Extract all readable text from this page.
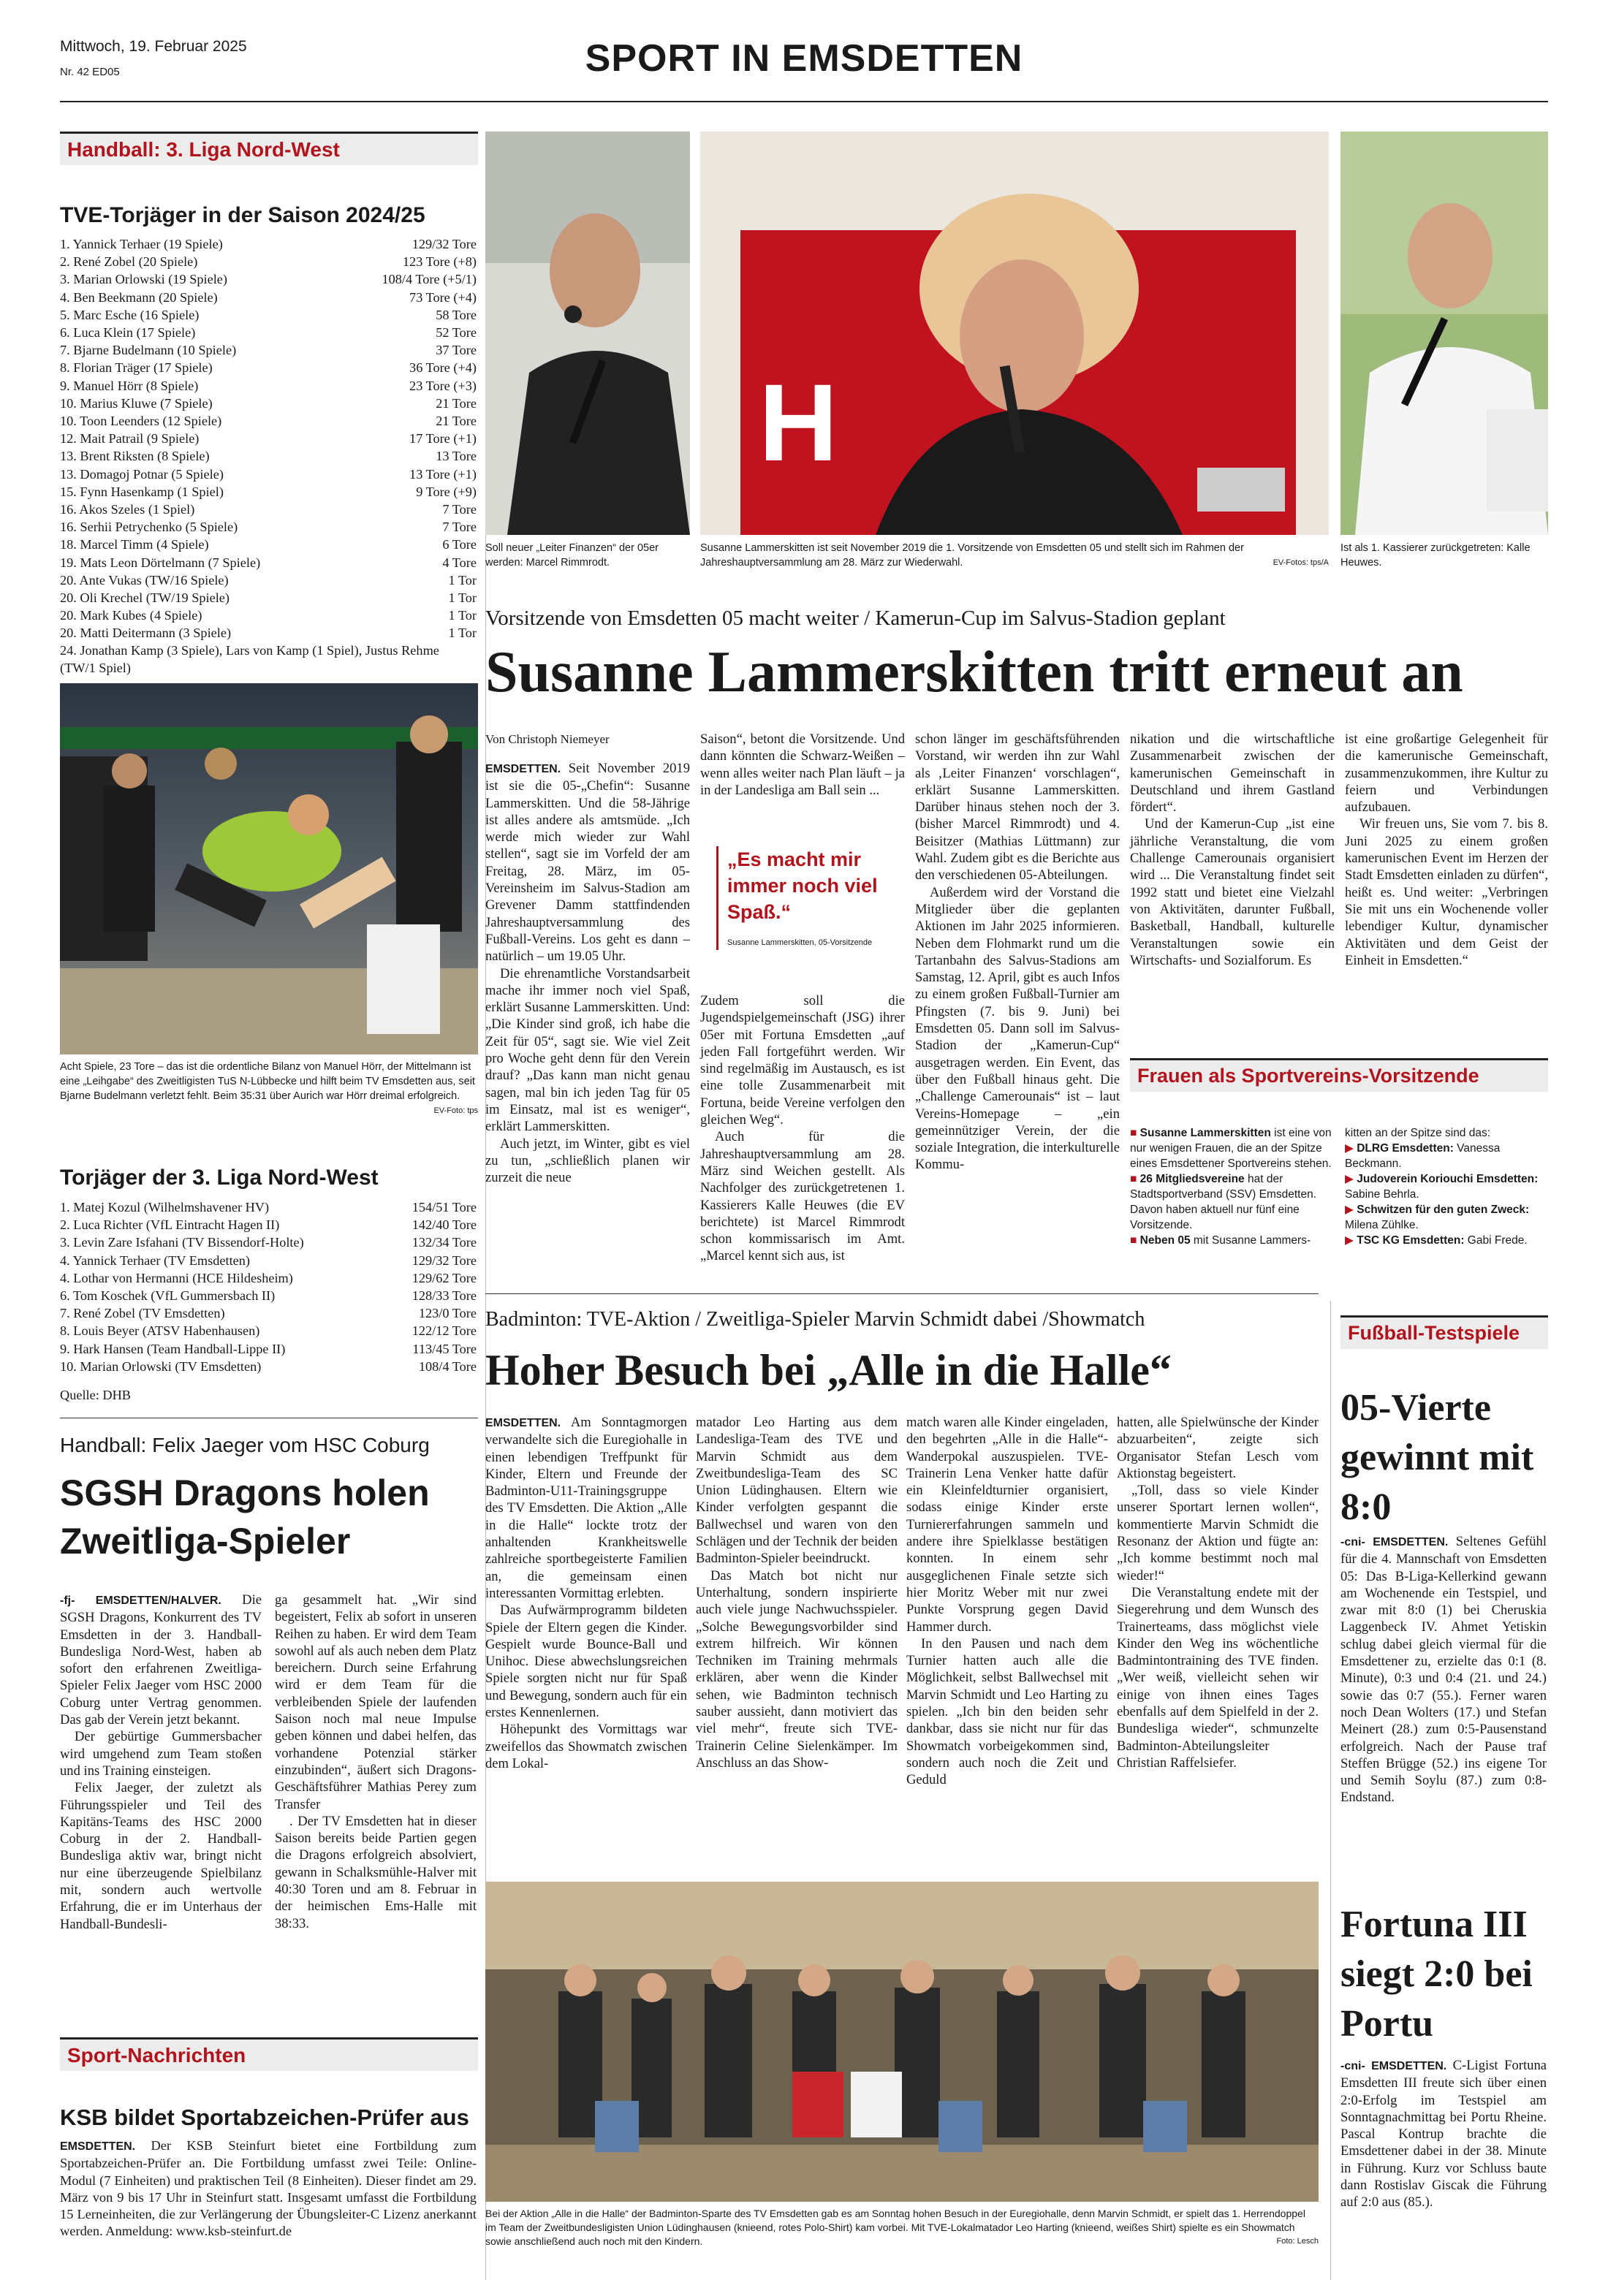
Mittwoch, 19. Februar 2025
Nr. 42 ED05	SPORT IN EMSDETTEN
Handball: 3. Liga Nord-West
TVE-Torjäger in der Saison 2024/25
1. Yannick Terhaer (19 Spiele)	129/32 Tore
2. René Zobel (20 Spiele)	123 Tore (+8)
3. Marian Orlowski (19 Spiele)	108/4 Tore (+5/1)
4. Ben Beekmann (20 Spiele)	73 Tore (+4)
5. Marc Esche (16 Spiele)	58 Tore
6. Luca Klein (17 Spiele)	52 Tore
7. Bjarne Budelmann (10 Spiele)	37 Tore
8. Florian Träger (17 Spiele)	36 Tore (+4)
9. Manuel Hörr (8 Spiele)	23 Tore (+3)
10. Marius Kluwe (7 Spiele)	21 Tore
10. Toon Leenders (12 Spiele)	21 Tore
12. Mait Patrail (9 Spiele)	17 Tore (+1)
13. Brent Riksten (8 Spiele)	13 Tore
13. Domagoj Potnar (5 Spiele)	13 Tore (+1)
15. Fynn Hasenkamp (1 Spiel)	9 Tore (+9)
16. Akos Szeles (1 Spiel)	7 Tore
16. Serhii Petrychenko (5 Spiele)	7 Tore
18. Marcel Timm (4 Spiele)	6 Tore
19. Mats Leon Dörtelmann (7 Spiele)	4 Tore
20. Ante Vukas (TW/16 Spiele)	1 Tor
20. Oli Krechel (TW/19 Spiele)	1 Tor
20. Mark Kubes (4 Spiele)	1 Tor
20. Matti Deitermann (3 Spiele)	1 Tor
24. Jonathan Kamp (3 Spiele), Lars von Kamp (1 Spiel), Justus Rehme (TW/1 Spiel)
Acht Spiele, 23 Tore – das ist die ordentliche Bilanz von Manuel Hörr, der Mittelmann ist eine „Leihgabe“ des Zweitligisten TuS N-Lübbecke und hilft beim TV Emsdetten aus, seit Bjarne Budelmann verletzt fehlt. Beim 35:31 über Aurich war Hörr dreimal erfolgreich.
EV-Foto: tps
Torjäger der 3. Liga Nord-West
1. Matej Kozul (Wilhelmshavener HV)	154/51 Tore
2. Luca Richter (VfL Eintracht Hagen II)	142/40 Tore
3. Levin Zare Isfahani (TV Bissendorf-Holte)	132/34 Tore
4. Yannick Terhaer (TV Emsdetten)	129/32 Tore
4. Lothar von Hermanni (HCE Hildesheim)	129/62 Tore
6. Tom Koschek (VfL Gummersbach II)	128/33 Tore
7. René Zobel (TV Emsdetten)	123/0 Tore
8. Louis Beyer (ATSV Habenhausen)	122/12 Tore
9. Hark Hansen (Team Handball-Lippe II)	113/45 Tore
10. Marian Orlowski (TV Emsdetten)	108/4 Tore
Quelle: DHB
Handball: Felix Jaeger vom HSC Coburg
SGSH Dragons holen
Zweitliga-Spieler

-fj- EMSDETTEN/HALVER. Die SGSH Dragons, Konkurrent des TV Emsdetten in der 3. Handball-Bundesliga Nord-West, haben ab sofort den erfahrenen Zweitliga-Spieler Felix Jaeger vom HSC 2000 Coburg unter Vertrag genommen. Das gab der Verein jetzt bekannt.

Der gebürtige Gummersbacher wird umgehend zum Team stoßen und ins Training einsteigen.

Felix Jaeger, der zuletzt als Führungsspieler und Teil des Kapitäns-Teams des HSC 2000 Coburg in der 2. Handball-Bundesliga aktiv war, bringt nicht nur eine überzeugende Spielbilanz mit, sondern auch wertvolle Erfahrung, die er im Unterhaus der Handball-Bundesli-

ga gesammelt hat. „Wir sind begeistert, Felix ab sofort in unseren Reihen zu haben. Er wird dem Team sowohl auf als auch neben dem Platz bereichern. Durch seine Erfahrung wird er dem Team für die verbleibenden Spiele der laufenden Saison noch mal neue Impulse geben können und dabei helfen, das vorhandene Potenzial stärker einzubinden“, äußert sich Dragons-Geschäftsführer Mathias Perey zum Transfer

. Der TV Emsdetten hat in dieser Saison bereits beide Partien gegen die Dragons erfolgreich absolviert, gewann in Schalksmühle-Halver mit 40:30 Toren und am 8. Februar in der heimischen Ems-Halle mit 38:33.

Sport-Nachrichten
KSB bildet Sportabzeichen-Prüfer aus
EMSDETTEN. Der KSB Steinfurt bietet eine Fortbildung zum Sportabzeichen-Prüfer an. Die Fortbildung umfasst zwei Teile: Online-Modul (7 Einheiten) und praktischen Teil (8 Einheiten). Dieser findet am 29. März von 9 bis 17 Uhr in Steinfurt statt. Insgesamt umfasst die Fortbildung 15 Lerneinheiten, die zur Verlängerung der Übungsleiter-C Lizenz anerkannt werden. Anmeldung: www.ksb-steinfurt.de
H
Soll neuer „Leiter Finanzen“ der 05er werden: Marcel Rimmrodt.
Susanne Lammerskitten ist seit November 2019 die 1. Vorsitzende von Emsdetten 05 und stellt sich im Rahmen der Jahreshauptversammlung am 28. März zur Wiederwahl.	EV-Fotos: tps/A
Ist als 1. Kassierer zurückgetreten: Kalle Heuwes.
Vorsitzende von Emsdetten 05 macht weiter / Kamerun-Cup im Salvus-Stadion geplant
Susanne Lammerskitten tritt erneut an
Von Christoph Niemeyer

EMSDETTEN. Seit November 2019 ist sie die 05-„Chefin“: Susanne Lammerskitten. Und die 58-Jährige ist alles andere als amtsmüde. „Ich werde mich wieder zur Wahl stellen“, sagt sie im Vorfeld der am Freitag, 28. März, im 05-Vereinsheim im Salvus-Stadion am Grevener Damm stattfindenden Jahreshauptversammlung des Fußball-Vereins. Los geht es dann – natürlich – um 19.05 Uhr.

Die ehrenamtliche Vorstandsarbeit mache ihr immer noch viel Spaß, erklärt Susanne Lammerskitten. Und: „Die Kinder sind groß, ich habe die Zeit für 05“, sagt sie. Wie viel Zeit pro Woche geht denn für den Verein drauf? „Das kann man nicht genau sagen, mal bin ich jeden Tag für 05 im Einsatz, mal ist es weniger“, erklärt Lammerskitten.

Auch jetzt, im Winter, gibt es viel zu tun, „schließlich planen wir zurzeit die neue

Saison“, betont die Vorsitzende. Und dann könnten die Schwarz-Weißen – wenn alles weiter nach Plan läuft – ja in der Landesliga am Ball sein ...

„Es macht mir immer noch viel Spaß.“
Susanne Lammerskitten, 05-Vorsitzende

Zudem soll die Jugendspielgemeinschaft (JSG) ihrer 05er mit Fortuna Emsdetten „auf jeden Fall fortgeführt werden. Wir sind regelmäßig im Austausch, es ist eine tolle Zusammenarbeit mit Fortuna, beide Vereine verfolgen den gleichen Weg“.

Auch für die Jahreshauptversammlung am 28. März sind Weichen gestellt. Als Nachfolger des zurückgetretenen 1. Kassierers Kalle Heuwes (die EV berichtete) ist Marcel Rimmrodt schon kommissarisch im Amt. „Marcel kennt sich aus, ist

schon länger im geschäftsführenden Vorstand, wir werden ihn zur Wahl als ‚Leiter Finanzen‘ vorschlagen“, erklärt Susanne Lammerskitten. Darüber hinaus stehen noch der 3. (bisher Marcel Rimmrodt) und 4. Beisitzer (Mathias Lüttmann) zur Wahl. Zudem gibt es die Berichte aus den verschiedenen 05-Abteilungen.

Außerdem wird der Vorstand die Mitglieder über die geplanten Aktionen im Jahr 2025 informieren. Neben dem Flohmarkt rund um die Tartanbahn des Salvus-Stadions am Samstag, 12. April, gibt es auch Infos zu einem großen Fußball-Turnier am Pfingsten (7. bis 9. Juni) bei Emsdetten 05. Dann soll im Salvus-Stadion der „Kamerun-Cup“ ausgetragen werden. Ein Event, das über den Fußball hinaus geht. Die „Challenge Camerounais“ ist – laut Vereins-Homepage – „ein gemeinnütziger Verein, der die soziale Integration, die interkulturelle Kommu-

nikation und die wirtschaftliche Zusammenarbeit zwischen der kamerunischen Gemeinschaft in Deutschland und ihrem Gastland fördert“.

Und der Kamerun-Cup „ist eine jährliche Veranstaltung, die vom Challenge Camerounais organisiert wird ... Die Veranstaltung findet seit 1992 statt und bietet eine Vielzahl von Aktivitäten, darunter Fußball, Basketball, Handball, kulturelle Veranstaltungen sowie ein Wirtschafts- und Sozialforum. Es

ist eine großartige Gelegenheit für die kamerunische Gemeinschaft, zusammenzukommen, ihre Kultur zu feiern und Verbindungen aufzubauen.

Wir freuen uns, Sie vom 7. bis 8. Juni 2025 zu einem großen kamerunischen Event im Herzen der Stadt Emsdetten einladen zu dürfen“, heißt es. Und weiter: „Verbringen Sie mit uns ein Wochenende voller lebendiger Kultur, dynamischer Aktivitäten und dem Geist der Einheit in Emsdetten.“

Frauen als Sportvereins-Vorsitzende
■ Susanne Lammerskitten ist eine von nur wenigen Frauen, die an der Spitze eines Emsdettener Sportvereins stehen.
■ 26 Mitgliedsvereine hat der Stadtsportverband (SSV) Emsdetten. Davon haben aktuell nur fünf eine Vorsitzende.
■ Neben 05 mit Susanne Lammers-
kitten an der Spitze sind das:
▶ DLRG Emsdetten: Vanessa Beckmann.
▶ Judoverein Koriouchi Emsdetten: Sabine Behrla.
▶ Schwitzen für den guten Zweck: Milena Zühlke.
▶ TSC KG Emsdetten: Gabi Frede.
Badminton: TVE-Aktion / Zweitliga-Spieler Marvin Schmidt dabei /Showmatch
Hoher Besuch bei „Alle in die Halle“

EMSDETTEN. Am Sonntagmorgen verwandelte sich die Euregiohalle in einen lebendigen Treffpunkt für Kinder, Eltern und Freunde der Badminton-U11-Trainingsgruppe des TV Emsdetten. Die Aktion „Alle in die Halle“ lockte trotz der anhaltenden Krankheitswelle zahlreiche sportbegeisterte Familien an, die gemeinsam einen interessanten Vormittag erlebten.

Das Aufwärmprogramm bildeten Spiele der Eltern gegen die Kinder. Gespielt wurde Bounce-Ball und Unihoc. Diese abwechslungsreichen Spiele sorgten nicht nur für Spaß und Bewegung, sondern auch für ein erstes Kennenlernen.

Höhepunkt des Vormittags war zweifellos das Showmatch zwischen dem Lokal-

matador Leo Harting aus dem Landesliga-Team des TVE und Marvin Schmidt aus dem Zweitbundesliga-Team des SC Union Lüdinghausen. Eltern wie Kinder verfolgten gespannt die Ballwechsel und waren von den Schlägen und der Technik der beiden Badminton-Spieler beeindruckt.

Das Match bot nicht nur Unterhaltung, sondern inspirierte auch viele junge Nachwuchsspieler. „Solche Bewegungsvorbilder sind extrem hilfreich. Wir können Techniken im Training mehrmals erklären, aber wenn die Kinder sehen, wie Badminton technisch sauber aussieht, dann motiviert das viel mehr“, freute sich TVE-Trainerin Celine Sielenkämper. Im Anschluss an das Show-

match waren alle Kinder eingeladen, den begehrten „Alle in die Halle“-Wanderpokal auszuspielen. TVE-Trainerin Lena Venker hatte dafür ein Kleinfeldturnier organisiert, sodass einige Kinder erste Turniererfahrungen sammeln und andere ihre Spielklasse bestätigen konnten. In einem sehr ausgeglichenen Finale setzte sich hier Moritz Weber mit nur zwei Punkte Vorsprung gegen David Hammer durch.

In den Pausen und nach dem Turnier hatten auch alle die Möglichkeit, selbst Ballwechsel mit Marvin Schmidt und Leo Harting zu spielen. „Ich bin den beiden sehr dankbar, dass sie nicht nur für das Showmatch vorbeigekommen sind, sondern auch noch die Zeit und Geduld

hatten, alle Spielwünsche der Kinder abzuarbeiten“, zeigte sich Organisator Stefan Lesch vom Aktionstag begeistert.

„Toll, dass so viele Kinder unserer Sportart lernen wollen“, kommentierte Marvin Schmidt die Resonanz der Aktion und fügte an: „Ich komme bestimmt noch mal wieder!“

Die Veranstaltung endete mit der Siegerehrung und dem Wunsch des Trainerteams, dass möglichst viele Kinder den Weg ins wöchentliche Badmintontraining des TVE finden. „Wer weiß, vielleicht sehen wir einige von ihnen eines Tages ebenfalls auf dem Spielfeld in der 2. Bundesliga wieder“, schmunzelte Badminton-Abteilungsleiter Christian Raffelsiefer.

Bei der Aktion „Alle in die Halle“ der Badminton-Sparte des TV Emsdetten gab es am Sonntag hohen Besuch in der Euregiohalle, denn Marvin Schmidt, er spielt das 1. Herrendoppel im Team der Zweitbundesligisten Union Lüdinghausen (knieend, rotes Polo-Shirt) kam vorbei. Mit TVE-Lokalmatador Leo Harting (knieend, weißes Shirt) spielte es ein Showmatch sowie anschließend auch noch mit den Kindern.	Foto: Lesch
Fußball-Testspiele
05-Vierte gewinnt mit 8:0

-cni- EMSDETTEN. Seltenes Gefühl für die 4. Mannschaft von Emsdetten 05: Das B-Liga-Kellerkind gewann am Wochenende ein Testspiel, und zwar mit 8:0 (1) bei Cheruskia Laggenbeck IV. Ahmet Yetiskin schlug dabei gleich viermal für die Emsdettener zu, erzielte das 0:1 (8. Minute), 0:3 und 0:4 (21. und 24.) sowie das 0:7 (55.). Ferner waren noch Dean Wolters (17.) und Stefan Meinert (28.) zum 0:5-Pausenstand erfolgreich. Nach der Pause traf Steffen Brügge (52.) ins eigene Tor und Semih Soylu (87.) zum 0:8-Endstand.

Fortuna III siegt 2:0 bei Portu

-cni- EMSDETTEN. C-Ligist Fortuna Emsdetten III freute sich über einen 2:0-Erfolg im Testspiel am Sonntagnachmittag bei Portu Rheine. Pascal Kontrup brachte die Emsdettener dabei in der 38. Minute in Führung. Kurz vor Schluss baute dann Rostislav Giscak die Führung auf 2:0 aus (85.).
